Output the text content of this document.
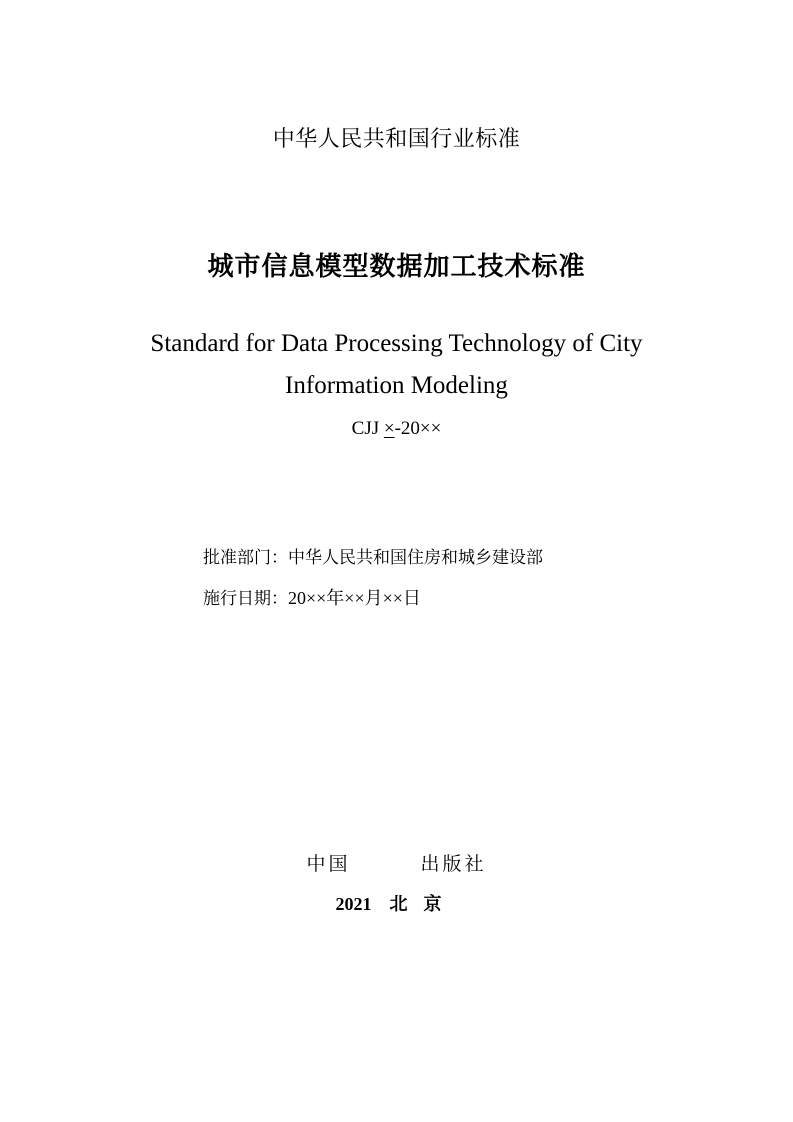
中华人民共和国行业标准
城市信息模型数据加工技术标准
Standard for Data Processing Technology of City
Information Modeling
CJJ ×-20××
批准部门：中华人民共和国住房和城乡建设部
施行日期：20××年××月××日
中国	出版社
2021 北京
